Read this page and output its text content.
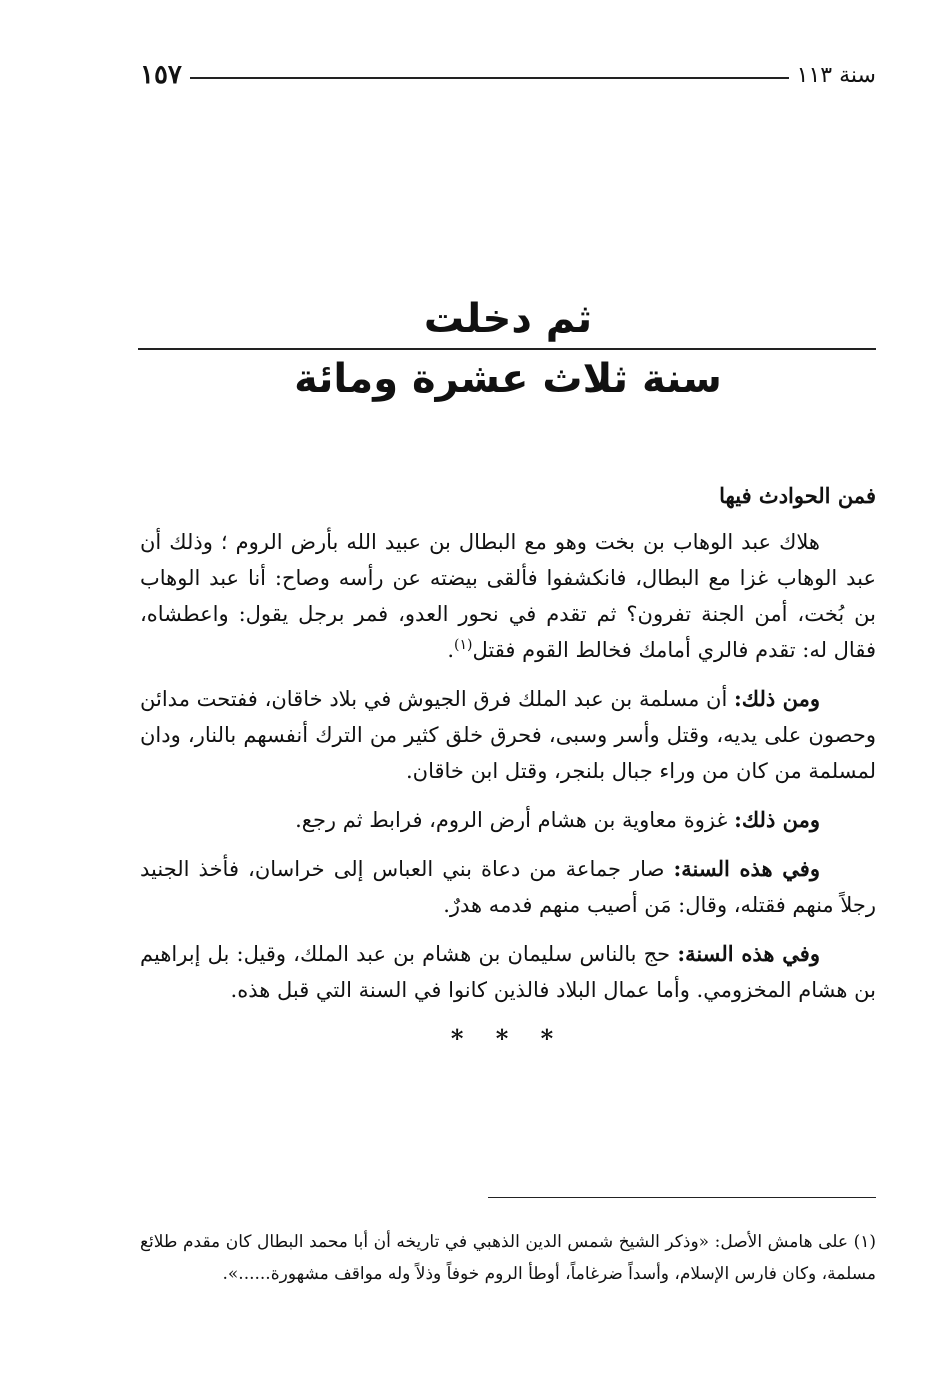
سنة ١١٣
١٥٧
ثم دخلت
سنة ثلاث عشرة ومائة

فمن الحوادث فيها

هلاك عبد الوهاب بن بخت وهو مع البطال بن عبيد الله بأرض الروم ؛ وذلك أن عبد الوهاب غزا مع البطال، فانكشفوا فألقى بيضته عن رأسه وصاح: أنا عبد الوهاب بن بُخت، أمن الجنة تفرون؟ ثم تقدم في نحور العدو، فمر برجل يقول: واعطشاه، فقال له: تقدم فالري أمامك فخالط القوم فقتل$^{(١)}$.

ومن ذلك: أن مسلمة بن عبد الملك فرق الجيوش في بلاد خاقان، ففتحت مدائن وحصون على يديه، وقتل وأسر وسبى، فحرق خلق كثير من الترك أنفسهم بالنار، ودان لمسلمة من كان من وراء جبال بلنجر، وقتل ابن خاقان.

ومن ذلك: غزوة معاوية بن هشام أرض الروم، فرابط ثم رجع.

وفي هذه السنة: صار جماعة من دعاة بني العباس إلى خراسان، فأخذ الجنيد رجلاً منهم فقتله، وقال: مَن أصيب منهم فدمه هدرٌ.

وفي هذه السنة: حج بالناس سليمان بن هشام بن عبد الملك، وقيل: بل إبراهيم بن هشام المخزومي. وأما عمال البلاد فالذين كانوا في السنة التي قبل هذه.

* * *
(١) على هامش الأصل: «وذكر الشيخ شمس الدين الذهبي في تاريخه أن أبا محمد البطال كان مقدم طلائع مسلمة، وكان فارس الإسلام، وأسداً ضرغاماً، أوطأ الروم خوفاً وذلاً وله مواقف مشهورة......».
